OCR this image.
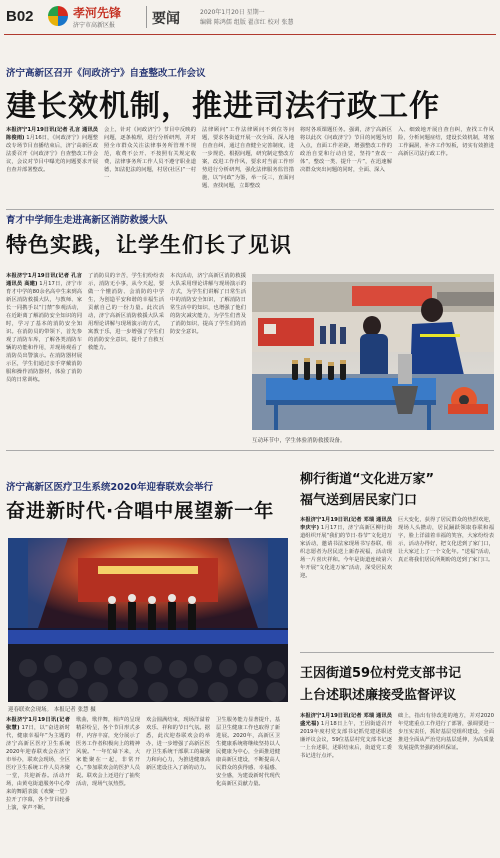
B02	孝河先锋
济宁市高新区报	要闻	2020年1月20日 星期一
编辑 陈鸿儒 组版 翟彦红 校对 张慧
济宁高新区召开《问政济宁》自查整改工作会议
建长效机制，推进司法行政工作
本报济宁1月19日讯(记者 孔言 通讯员 陈俊雨) 1月16日，《问政济宁》问题整改专场节目直播结束后，济宁高新区政法委召开《问政济宁》自查整改工作会议，会议对节目中曝光的问题要求开展自查并部署整改。
会上，针对《问政济宁》节目中反映的问题，逐条梳理，进行分析研判，并对照全市群众关注法律事务所管理不规范，收费不公开、不按照有关规定收费，法律事务所工作人员不遵守职业道德，知法犯法的问题，村居(社区)“一村一
法律顾问”工作法律顾问不到位等问题，要求各街道开展一次全面、深入地自查自纠，通过自查健全完善制度，进一步规范、根据问题，研究制定整改方案，改进工作作风，要求对当前工作形势进行分析研判，强化法律服务监管措施，以“问政”为鉴，举一反三，直面问题、查找问题，立即整改
将时各项课题任务。强调，济宁高新区将以此次《问政济宁》节目的问题为切入点，直面工作差距，增强整改工作的政治自觉和行动自觉，坚持“查改一体”，整改一类、提升一片”，在迅速解决群众突出问题的同时，全面、深入
入、细致地开展自查自纠，查找工作风险，分析问题症结，建设长效机制，堵塞工作漏洞，补齐工作短板，切实有效推进高新区司法行政工作。
育才中学师生走进高新区消防救援大队
特色实践，让学生们长了见识
本报济宁1月19日讯(记者 孔言 通讯员 高建) 1月17日，济宁市育才中学的80余名高中生来到高新区消防救援大队，与教师、家长一同携手以“门禁”参观活动，在近距离了解消防安全知识的同时，学习了基本的消防安全知识。在消防员的带领下，首先参观了消防车库，了解各类消防车辆的功能和作用，并现场观看了消防员出警演示。在消防器材展示区，学生们通过亲手穿戴消防服和操作消防器材，体验了消防员的日常训练。
了消防员的辛苦，学生们纷纷表示，消防无小事，从今天起，要做一个懂消防、会消防的中学生，为创造平安和谐的幸福生活贡献自己的一份力量。此次活动，济宁高新区消防救援大队采用理论讲解与现场演示的方式，寓教于乐，进一步增强了学生们的消防安全意识，提升了自救互救能力。
本次活动，济宁高新区消防救援大队采用理论讲解与现场演示的方式，为学生们讲解了日常生活中的消防安全知识，了解消防日常生活中的知识，也增强了他们的防灾减灾能力，为学生们普及了消防知识，提高了学生们的消防安全意识。
互动环节中，学生体验消防救援设备。
济宁高新区医疗卫生系统2020年迎春联欢会举行
奋进新时代·合唱中展望新一年
迎春联欢会现场。 本报记者 张慧 摄
本报济宁1月19日讯(记者 张慧) 17日，以“奋进新时代，健康幸福年”为主题的济宁高新区医疗卫生系统2020年迎春联欢会在济宁市举办，联欢会现场，全区医疗卫生系统工作人员齐聚一堂，共迎新春。活动开场，由黄屯街道服务中心带来的舞蹈表演《欢聚一堂》拉开了序幕，各个节目轮番上演，掌声不断。
歌曲，歌伴舞，相声的呈现精彩纷呈，各个节目形式多样，内容丰富，充分展示了医务工作者积极向上的精神风貌。“一年忙碌下来，大家能聚在一起，非常开心。”参加联欢会的医护人员说。联欢会上还进行了抽奖活动，现场气氛热烈。
欢会圆满结束，现场洋溢着欢乐、祥和的节日气氛。据悉，此次迎春联欢会的举办，进一步增强了高新区医疗卫生系统干部职工的凝聚力和向心力，为推进健康高新区建设注入了新的动力。
卫生服务能力显著提升，基层卫生健康工作也取得了新进展。2020年，高新区卫生健康系统将继续坚持以人民健康为中心，全面推进健康高新区建设，不断提高人民群众的获得感、幸福感、安全感，为建设新时代现代化高新区贡献力量。
柳行街道“文化进万家”
福气送到居民家门口
本报济宁1月19日讯(记者 邓瑞 通讯员 李庆宇) 1月17日，济宁高新区柳行街道组织开展“我们的节日·春节”文化进万家活动，邀请书法家现场书写春联，组织志愿者为居民送上新春祝福，活动现场一片喜庆祥和。今年是街道连续第六年开展“文化进万家”活动，深受居民欢迎。
巨大变化，获得了居民群众的热烈欢迎，现场人头攒动，居民踊跃领取春联和福字，脸上洋溢着幸福的笑容，大家纷纷表示，活动办得好，把文化送到了家门口，让大家过上了一个文化年。“送福”活动，真正将我们居民所期盼的送到了家门口。
王因街道59位村党支部书记
上台述职述廉接受监督评议
本报济宁1月19日讯(记者 邓瑞 通讯员 盛光福) 1月18日上午，王因街道召开2019年度村党支部书记抓党建述职述廉评议会议，59位基层村党支部书记逐一上台述职，述职结束后，街道党工委书记进行点评。
础上，指出有待改进的地方，并对2020年党建重点工作进行了部署，强调要进一步压实责任，抓好基层党组织建设，全面推进全面从严治党向基层延伸，为高质量发展提供坚强的组织保证。
